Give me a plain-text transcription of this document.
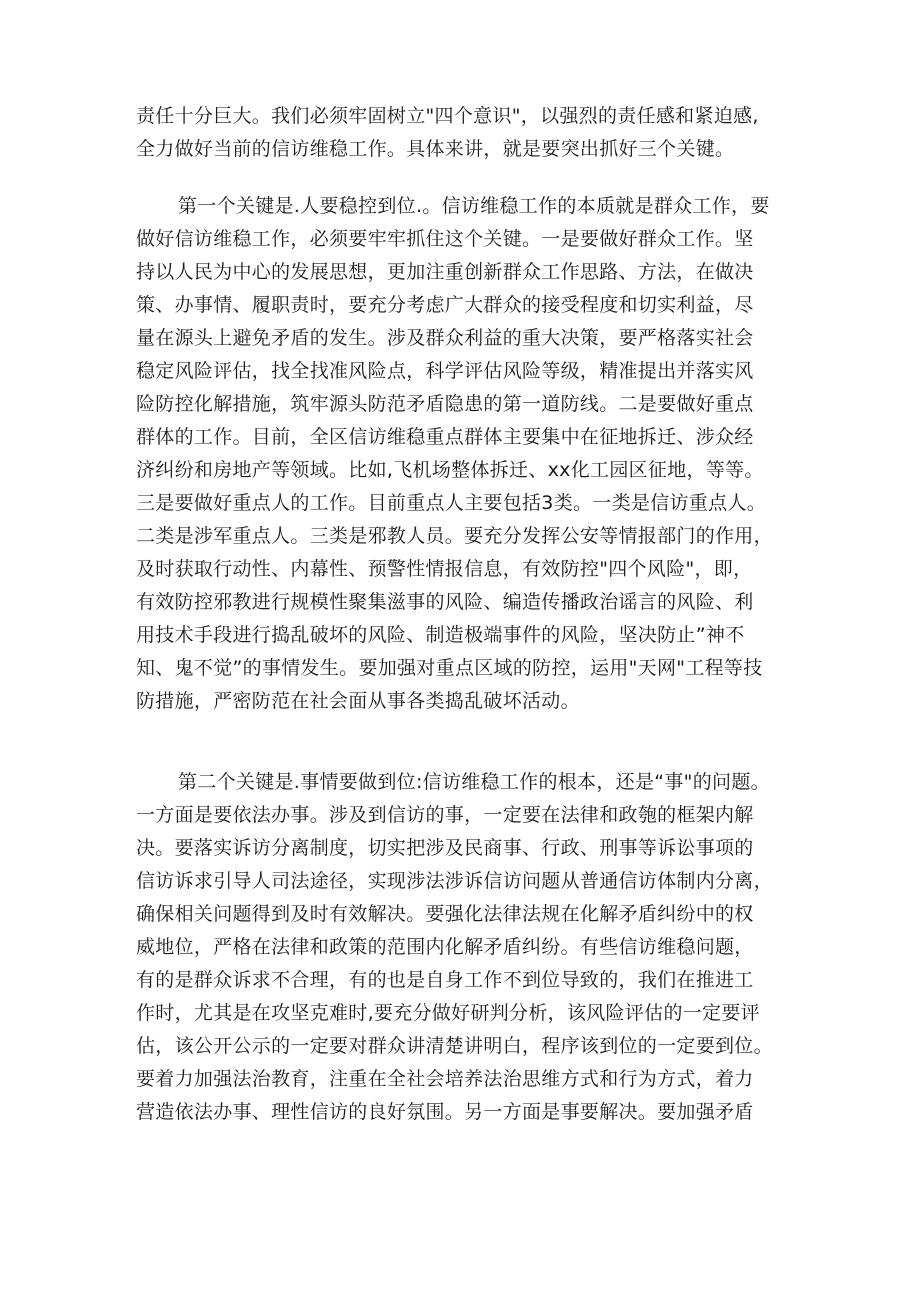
责任十分巨大。我们必须牢固树立"四个意识"，以强烈的责任感和紧迫感,
全力做好当前的信访维稳工作。具体来讲，就是要突出抓好三个关键。

第一个关键是.人要稳控到位.。信访维稳工作的本质就是群众工作，要
做好信访维稳工作，必须要牢牢抓住这个关键。一是要做好群众工作。坚
持以人民为中心的发展思想，更加注重创新群众工作思路、方法，在做决
策、办事情、履职责时，要充分考虑广大群众的接受程度和切实利益，尽
量在源头上避免矛盾的发生。涉及群众利益的重大决策，要严格落实社会
稳定风险评估，找全找准风险点，科学评估风险等级，精准提出并落实风
险防控化解措施，筑牢源头防范矛盾隐患的第一道防线。二是要做好重点
群体的工作。目前，全区信访维稳重点群体主要集中在征地拆迁、涉众经
济纠纷和房地产等领域。比如,飞机场整体拆迁、xx化工园区征地，等等。
三是要做好重点人的工作。目前重点人主要包括3类。一类是信访重点人。
二类是涉军重点人。三类是邪教人员。要充分发挥公安等情报部门的作用，
及时获取行动性、内幕性、预警性情报信息，有效防控"四个风险"，即，
有效防控邪教进行规模性聚集滋事的风险、编造传播政治谣言的风险、利
用技术手段进行捣乱破坏的风险、制造极端事件的风险，坚决防止”神不
知、鬼不觉”的事情发生。要加强对重点区域的防控，运用"天网"工程等技
防措施，严密防范在社会面从事各类捣乱破坏活动。

第二个关键是.事情要做到位:信访维稳工作的根本，还是“事"的问题。
一方面是要依法办事。涉及到信访的事，一定要在法律和政匏的框架内解
决。要落实诉访分离制度，切实把涉及民商事、行政、刑事等诉讼事项的
信访诉求引导人司法途径，实现涉法涉诉信访问题从普通信访体制内分离，
确保相关问题得到及时有效解决。要强化法律法规在化解矛盾纠纷中的权
威地位，严格在法律和政策的范围内化解矛盾纠纷。有些信访维稳问题，
有的是群众诉求不合理，有的也是自身工作不到位导致的，我们在推进工
作时，尤其是在攻坚克难时,要充分做好研判分析，该风险评估的一定要评
估，该公开公示的一定要对群众讲清楚讲明白，程序该到位的一定要到位。
要着力加强法治教育，注重在全社会培养法治思维方式和行为方式，着力
营造依法办事、理性信访的良好氛围。另一方面是事要解决。要加强矛盾
